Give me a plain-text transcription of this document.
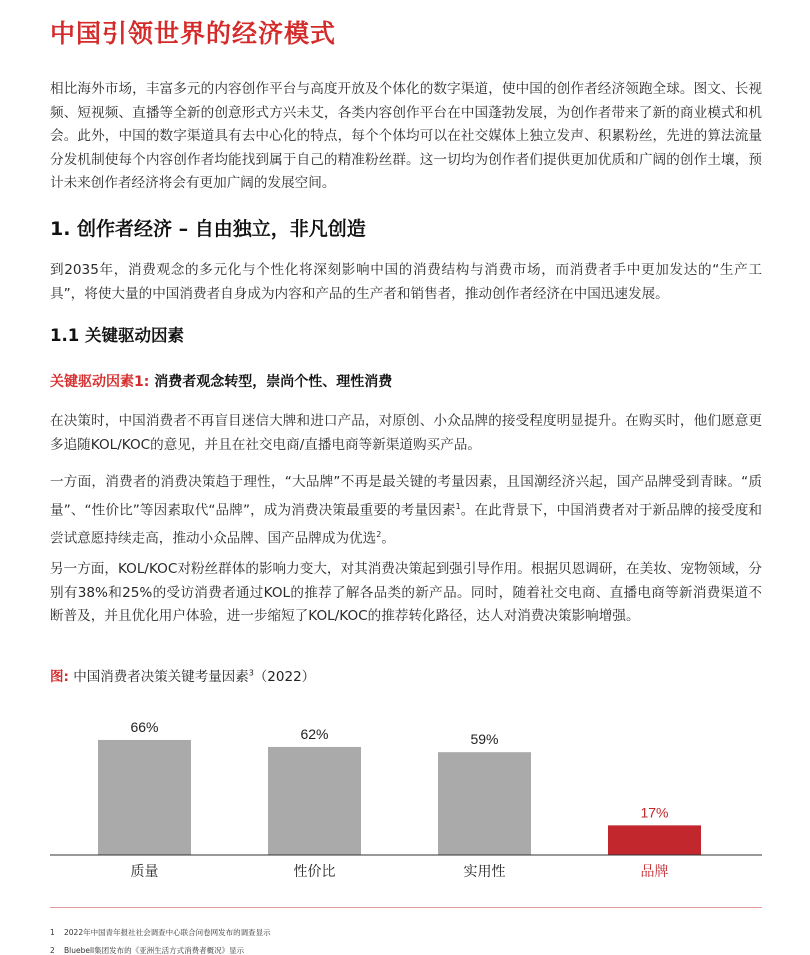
中国引领世界的经济模式

相比海外市场，丰富多元的内容创作平台与高度开放及个体化的数字渠道，使中国的创作者经济领跑全球。图文、长视频、短视频、直播等全新的创意形式方兴未艾，各类内容创作平台在中国蓬勃发展，为创作者带来了新的商业模式和机会。此外，中国的数字渠道具有去中心化的特点，每个个体均可以在社交媒体上独立发声、积累粉丝，先进的算法流量分发机制使每个内容创作者均能找到属于自己的精准粉丝群。这一切均为创作者们提供更加优质和广阔的创作土壤，预计未来创作者经济将会有更加广阔的发展空间。

1. 创作者经济 – 自由独立，非凡创造

到2035年，消费观念的多元化与个性化将深刻影响中国的消费结构与消费市场，而消费者手中更加发达的“生产工具”，将使大量的中国消费者自身成为内容和产品的生产者和销售者，推动创作者经济在中国迅速发展。

1.1 关键驱动因素
关键驱动因素1: 消费者观念转型，崇尚个性、理性消费

在决策时，中国消费者不再盲目迷信大牌和进口产品，对原创、小众品牌的接受程度明显提升。在购买时，他们愿意更多追随KOL/KOC的意见，并且在社交电商/直播电商等新渠道购买产品。

一方面，消费者的消费决策趋于理性，“大品牌”不再是最关键的考量因素，且国潮经济兴起，国产品牌受到青睐。“质量”、“性价比”等因素取代“品牌”，成为消费决策最重要的考量因素$^1$。在此背景下，中国消费者对于新品牌的接受度和尝试意愿持续走高，推动小众品牌、国产品牌成为优选$^2$。

另一方面，KOL/KOC对粉丝群体的影响力变大，对其消费决策起到强引导作用。根据贝恩调研，在美妆、宠物领域，分别有38%和25%的受访消费者通过KOL的推荐了解各品类的新产品。同时，随着社交电商、直播电商等新消费渠道不断普及，并且优化用户体验，进一步缩短了KOL/KOC的推荐转化路径，达人对消费决策影响增强。

图: 中国消费者决策关键考量因素$^3$（2022）
66%
质量
62%
性价比
59%
实用性
17%
品牌
1 2022年中国青年报社社会调查中心联合问卷网发布的调查显示
2 Bluebell集团发布的《亚洲生活方式消费者概况》显示
